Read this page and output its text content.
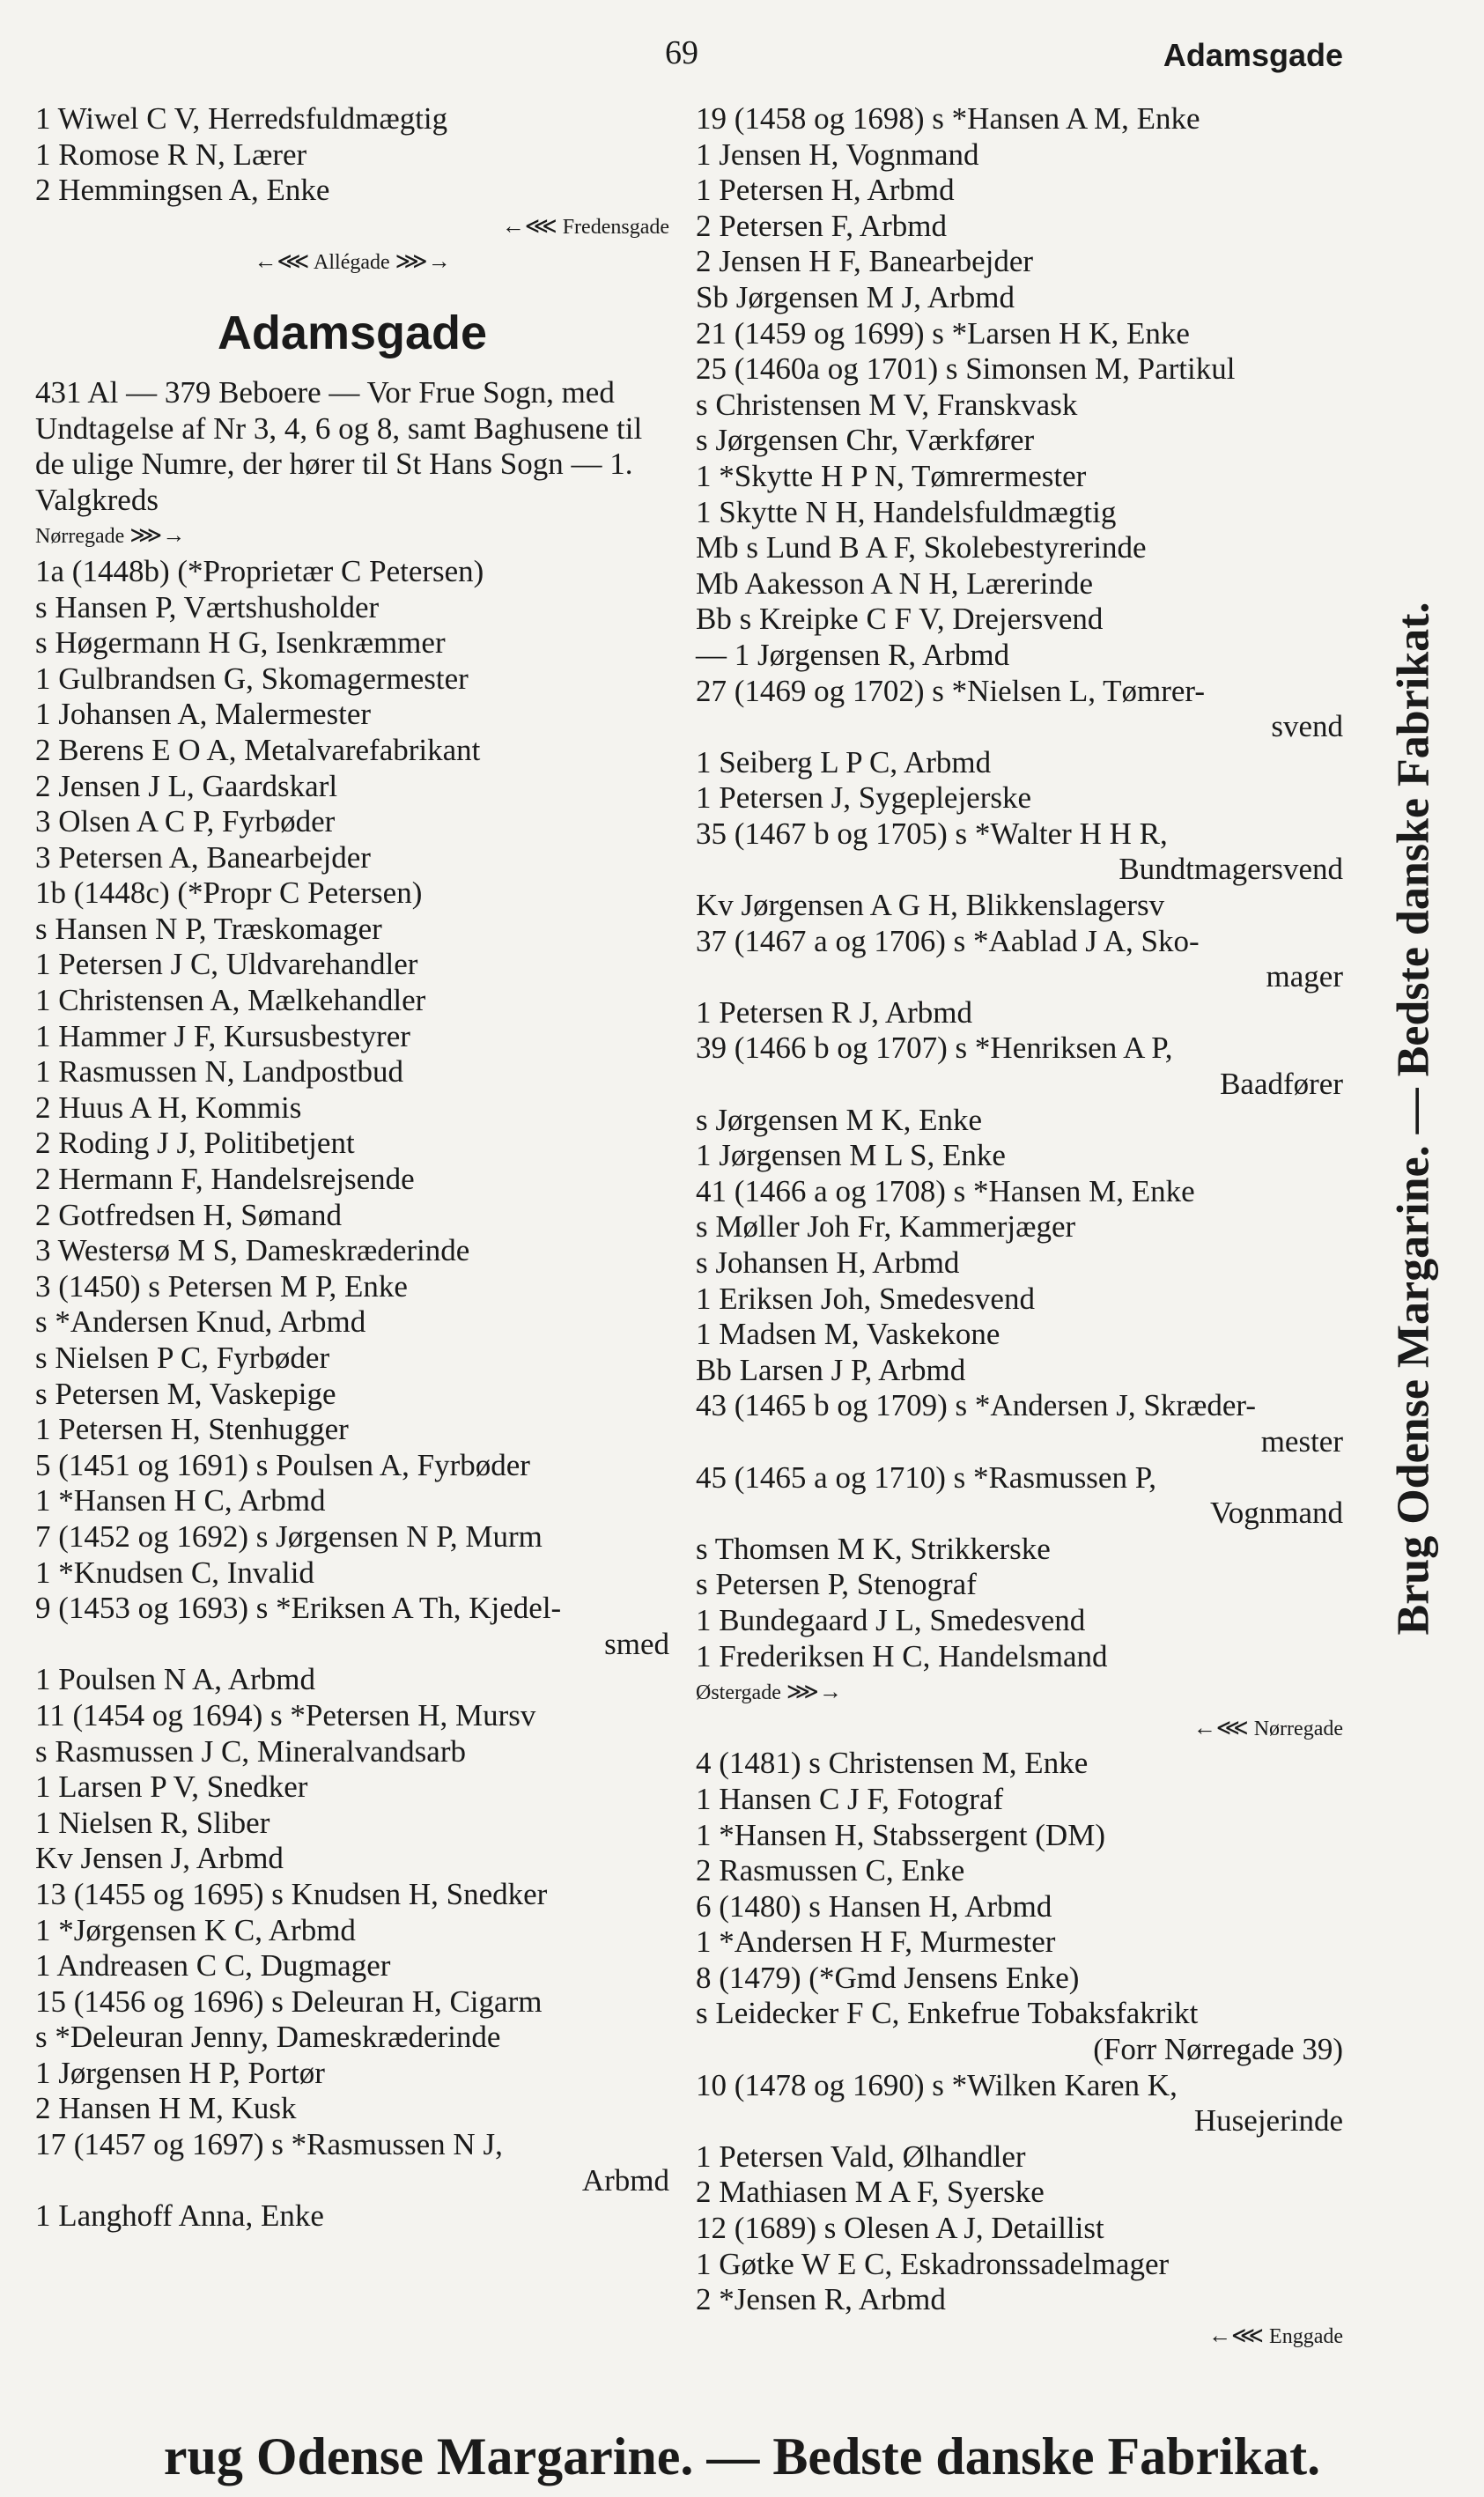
69	Adamsgade
1 Wiwel C V, Herredsfuldmægtig
1 Romose R N, Lærer
2 Hemmingsen A, Enke
←⋘ Fredensgade
←⋘ Allégade ⋙→
Adamsgade
431 Al — 379 Beboere — Vor Frue Sogn, med Undtagelse af Nr 3, 4, 6 og 8, samt Baghusene til de ulige Numre, der hører til St Hans Sogn — 1. Valgkreds
Nørregade ⋙→
1a (1448b) (*Proprietær C Petersen)
s Hansen P, Værtshusholder
s Høgermann H G, Isenkræmmer
1 Gulbrandsen G, Skomagermester
1 Johansen A, Malermester
2 Berens E O A, Metalvarefabrikant
2 Jensen J L, Gaardskarl
3 Olsen A C P, Fyrbøder
3 Petersen A, Banearbejder
1b (1448c) (*Propr C Petersen)
s Hansen N P, Træskomager
1 Petersen J C, Uldvarehandler
1 Christensen A, Mælkehandler
1 Hammer J F, Kursusbestyrer
1 Rasmussen N, Landpostbud
2 Huus A H, Kommis
2 Roding J J, Politibetjent
2 Hermann F, Handelsrejsende
2 Gotfredsen H, Sømand
3 Westersø M S, Dameskræderinde
3 (1450) s Petersen M P, Enke
s *Andersen Knud, Arbmd
s Nielsen P C, Fyrbøder
s Petersen M, Vaskepige
1 Petersen H, Stenhugger
5 (1451 og 1691) s Poulsen A, Fyrbøder
1 *Hansen H C, Arbmd
7 (1452 og 1692) s Jørgensen N P, Murm
1 *Knudsen C, Invalid
9 (1453 og 1693) s *Eriksen A Th, Kjedel-
smed
1 Poulsen N A, Arbmd
11 (1454 og 1694) s *Petersen H, Mursv
s Rasmussen J C, Mineralvandsarb
1 Larsen P V, Snedker
1 Nielsen R, Sliber
Kv Jensen J, Arbmd
13 (1455 og 1695) s Knudsen H, Snedker
1 *Jørgensen K C, Arbmd
1 Andreasen C C, Dugmager
15 (1456 og 1696) s Deleuran H, Cigarm
s *Deleuran Jenny, Dameskræderinde
1 Jørgensen H P, Portør
2 Hansen H M, Kusk
17 (1457 og 1697) s *Rasmussen N J,
Arbmd
1 Langhoff Anna, Enke
19 (1458 og 1698) s *Hansen A M, Enke
1 Jensen H, Vognmand
1 Petersen H, Arbmd
2 Petersen F, Arbmd
2 Jensen H F, Banearbejder
Sb Jørgensen M J, Arbmd
21 (1459 og 1699) s *Larsen H K, Enke
25 (1460a og 1701) s Simonsen M, Partikul
s Christensen M V, Franskvask
s Jørgensen Chr, Værkfører
1 *Skytte H P N, Tømrermester
1 Skytte N H, Handelsfuldmægtig
Mb s Lund B A F, Skolebestyrerinde
Mb Aakesson A N H, Lærerinde
Bb s Kreipke C F V, Drejersvend
— 1 Jørgensen R, Arbmd
27 (1469 og 1702) s *Nielsen L, Tømrer-
svend
1 Seiberg L P C, Arbmd
1 Petersen J, Sygeplejerske
35 (1467 b og 1705) s *Walter H H R,
Bundtmagersvend
Kv Jørgensen A G H, Blikkenslagersv
37 (1467 a og 1706) s *Aablad J A, Sko-
mager
1 Petersen R J, Arbmd
39 (1466 b og 1707) s *Henriksen A P,
Baadfører
s Jørgensen M K, Enke
1 Jørgensen M L S, Enke
41 (1466 a og 1708) s *Hansen M, Enke
s Møller Joh Fr, Kammerjæger
s Johansen H, Arbmd
1 Eriksen Joh, Smedesvend
1 Madsen M, Vaskekone
Bb Larsen J P, Arbmd
43 (1465 b og 1709) s *Andersen J, Skræder-
mester
45 (1465 a og 1710) s *Rasmussen P,
Vognmand
s Thomsen M K, Strikkerske
s Petersen P, Stenograf
1 Bundegaard J L, Smedesvend
1 Frederiksen H C, Handelsmand
Østergade ⋙→
←⋘ Nørregade
4 (1481) s Christensen M, Enke
1 Hansen C J F, Fotograf
1 *Hansen H, Stabssergent (DM)
2 Rasmussen C, Enke
6 (1480) s Hansen H, Arbmd
1 *Andersen H F, Murmester
8 (1479) (*Gmd Jensens Enke)
s Leidecker F C, Enkefrue Tobaksfakrikt
(Forr Nørregade 39)
10 (1478 og 1690) s *Wilken Karen K,
Husejerinde
1 Petersen Vald, Ølhandler
2 Mathiasen M A F, Syerske
12 (1689) s Olesen A J, Detaillist
1 Gøtke W E C, Eskadronssadelmager
2 *Jensen R, Arbmd
←⋘ Enggade
Brug Odense Margarine. — Bedste danske Fabrikat.
rug Odense Margarine. — Bedste danske Fabrikat.
